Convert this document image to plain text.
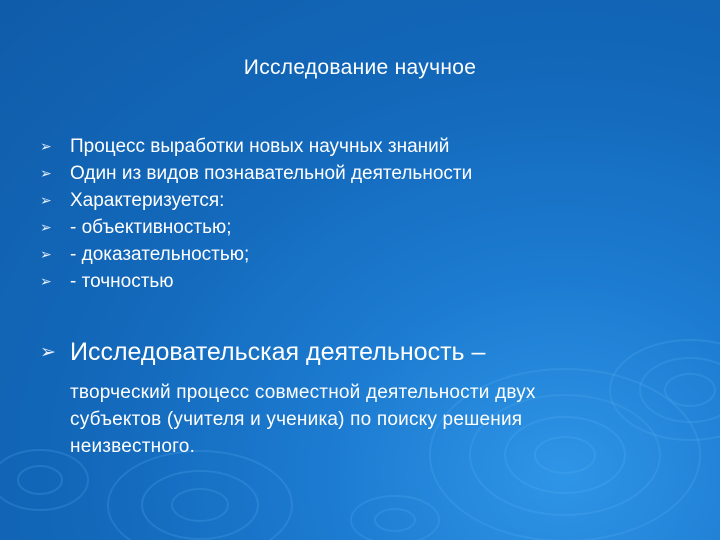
Исследование научное
➢ Процесс выработки новых научных знаний
➢ Один из видов познавательной деятельности
➢ Характеризуется:
➢ - объективностью;
➢ - доказательностью;
➢ - точностью
➢ Исследовательская деятельность –
творческий процесс совместной деятельности двух
субъектов (учителя и ученика) по поиску решения
неизвестного.
